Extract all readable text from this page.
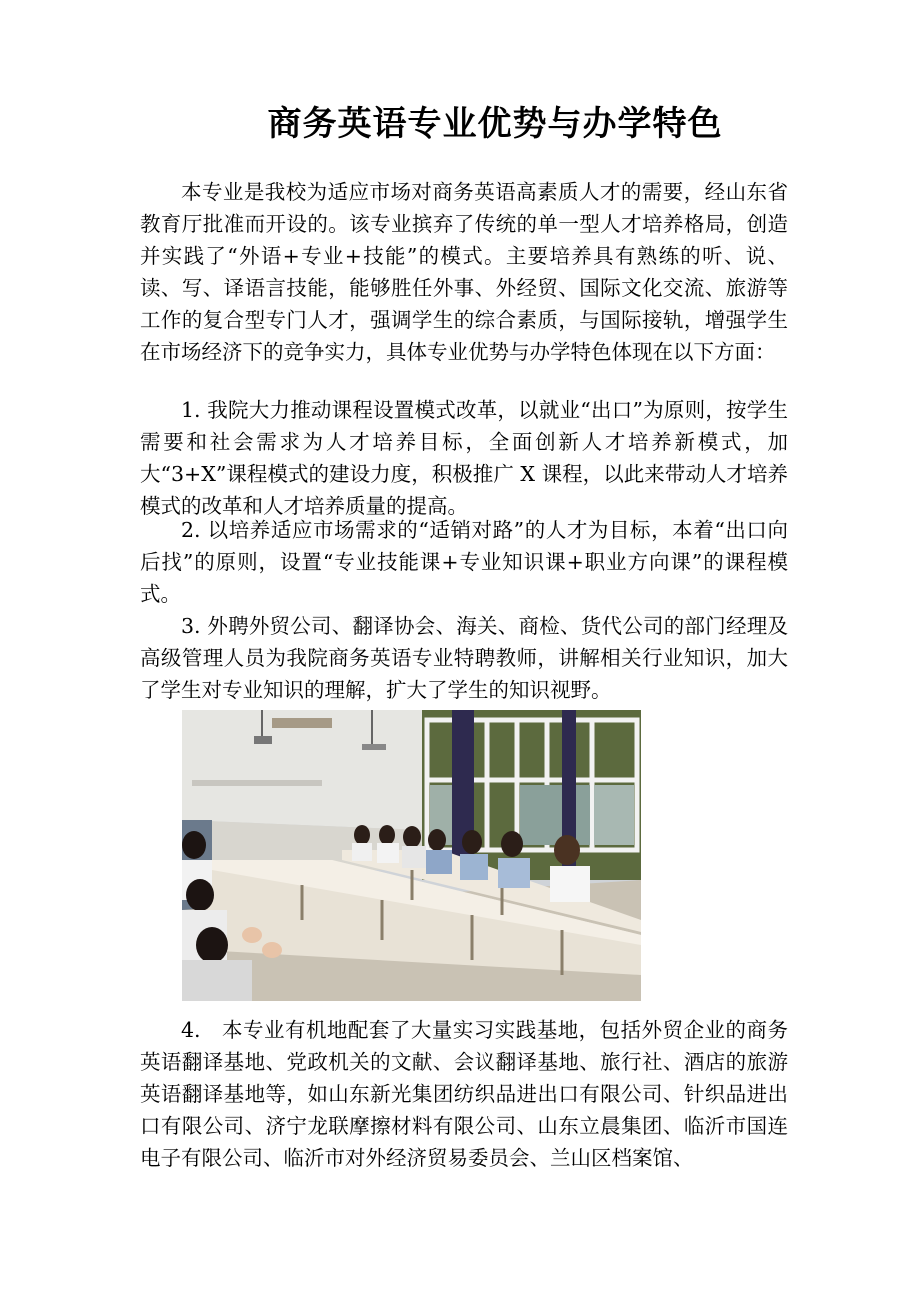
商务英语专业优势与办学特色

本专业是我校为适应市场对商务英语高素质人才的需要，经山东省教育厅批准而开设的。该专业摈弃了传统的单一型人才培养格局，创造并实践了“外语+专业+技能”的模式。主要培养具有熟练的听、说、读、写、译语言技能，能够胜任外事、外经贸、国际文化交流、旅游等工作的复合型专门人才，强调学生的综合素质，与国际接轨，增强学生在市场经济下的竞争实力，具体专业优势与办学特色体现在以下方面：

1. 我院大力推动课程设置模式改革，以就业“出口”为原则，按学生需要和社会需求为人才培养目标，全面创新人才培养新模式，加大“3+X”课程模式的建设力度，积极推广 X 课程，以此来带动人才培养模式的改革和人才培养质量的提高。

2. 以培养适应市场需求的“适销对路”的人才为目标，本着“出口向后找”的原则，设置“专业技能课+专业知识课+职业方向课”的课程模式。

3. 外聘外贸公司、翻译协会、海关、商检、货代公司的部门经理及高级管理人员为我院商务英语专业特聘教师，讲解相关行业知识，加大了学生对专业知识的理解，扩大了学生的知识视野。

4.　本专业有机地配套了大量实习实践基地，包括外贸企业的商务英语翻译基地、党政机关的文献、会议翻译基地、旅行社、酒店的旅游英语翻译基地等，如山东新光集团纺织品进出口有限公司、针织品进出口有限公司、济宁龙联摩擦材料有限公司、山东立晨集团、临沂市国连电子有限公司、临沂市对外经济贸易委员会、兰山区档案馆、
